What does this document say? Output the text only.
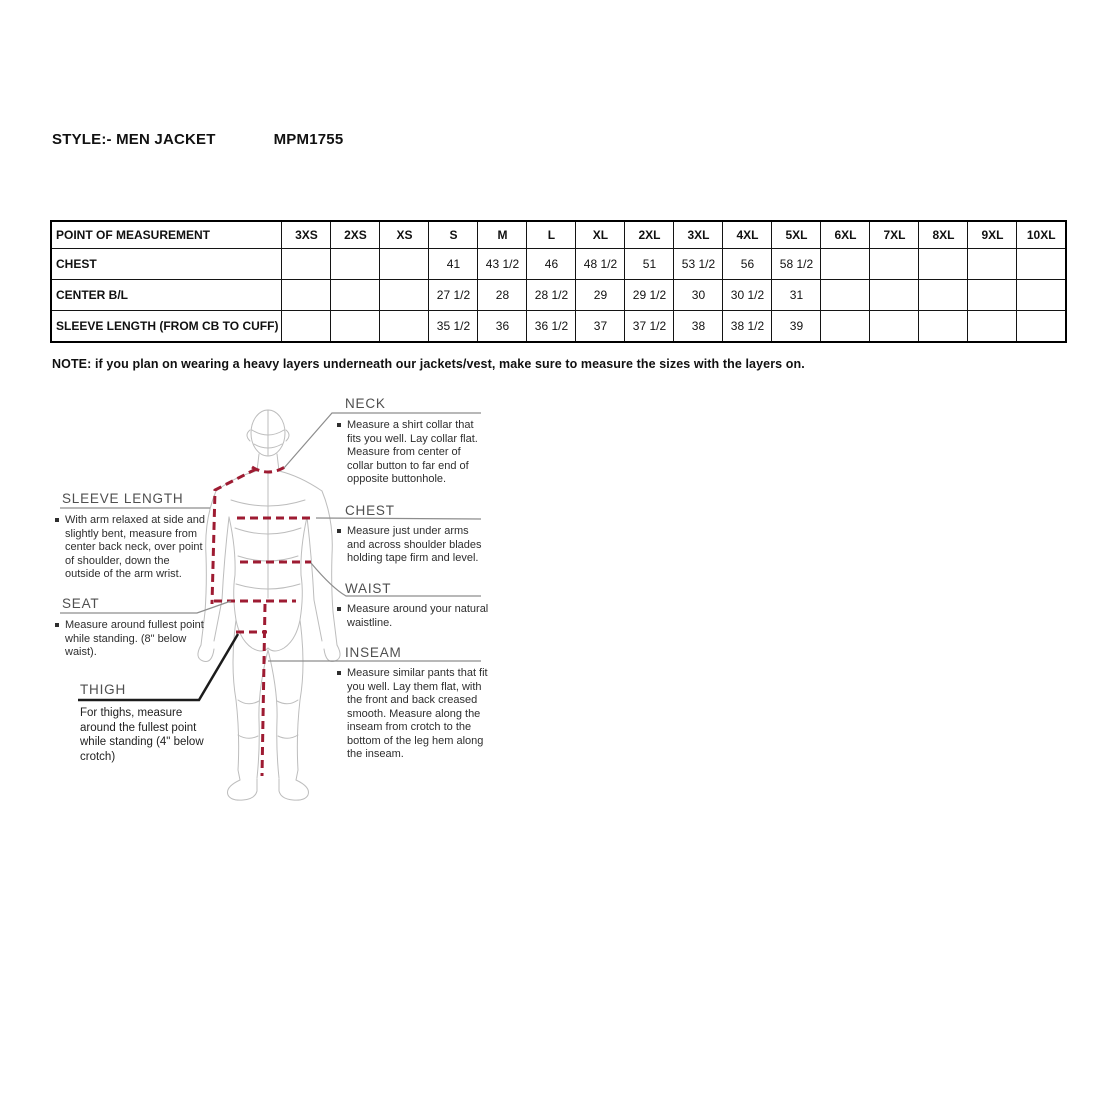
STYLE:- MEN JACKET	MPM1755
POINT OF MEASUREMENT	3XS	2XS	XS	S	M	L	XL	2XL	3XL	4XL	5XL	6XL	7XL	8XL	9XL	10XL
CHEST				41	43 1/2	46	48 1/2	51	53 1/2	56	58 1/2					
CENTER B/L				27 1/2	28	28 1/2	29	29 1/2	30	30 1/2	31					
SLEEVE LENGTH (FROM CB TO CUFF)				35 1/2	36	36 1/2	37	37 1/2	38	38 1/2	39					
NOTE: if you plan on wearing a heavy layers underneath our jackets/vest, make sure to measure the sizes with the layers on.
NECK
Measure a shirt collar that fits you well. Lay collar flat. Measure from center of collar button to far end of opposite buttonhole.
CHEST
Measure just under arms and across shoulder blades holding tape firm and level.
WAIST
Measure around your natural waistline.
INSEAM
Measure similar pants that fit you well. Lay them flat, with the front and back creased smooth. Measure along the inseam from crotch to the bottom of the leg hem along the inseam.
SLEEVE LENGTH
With arm relaxed at side and slightly bent, measure from center back neck, over point of shoulder, down the outside of the arm wrist.
SEAT
Measure around fullest point while standing. (8" below waist).
THIGH
For thighs, measure around the fullest point while standing (4" below crotch)
